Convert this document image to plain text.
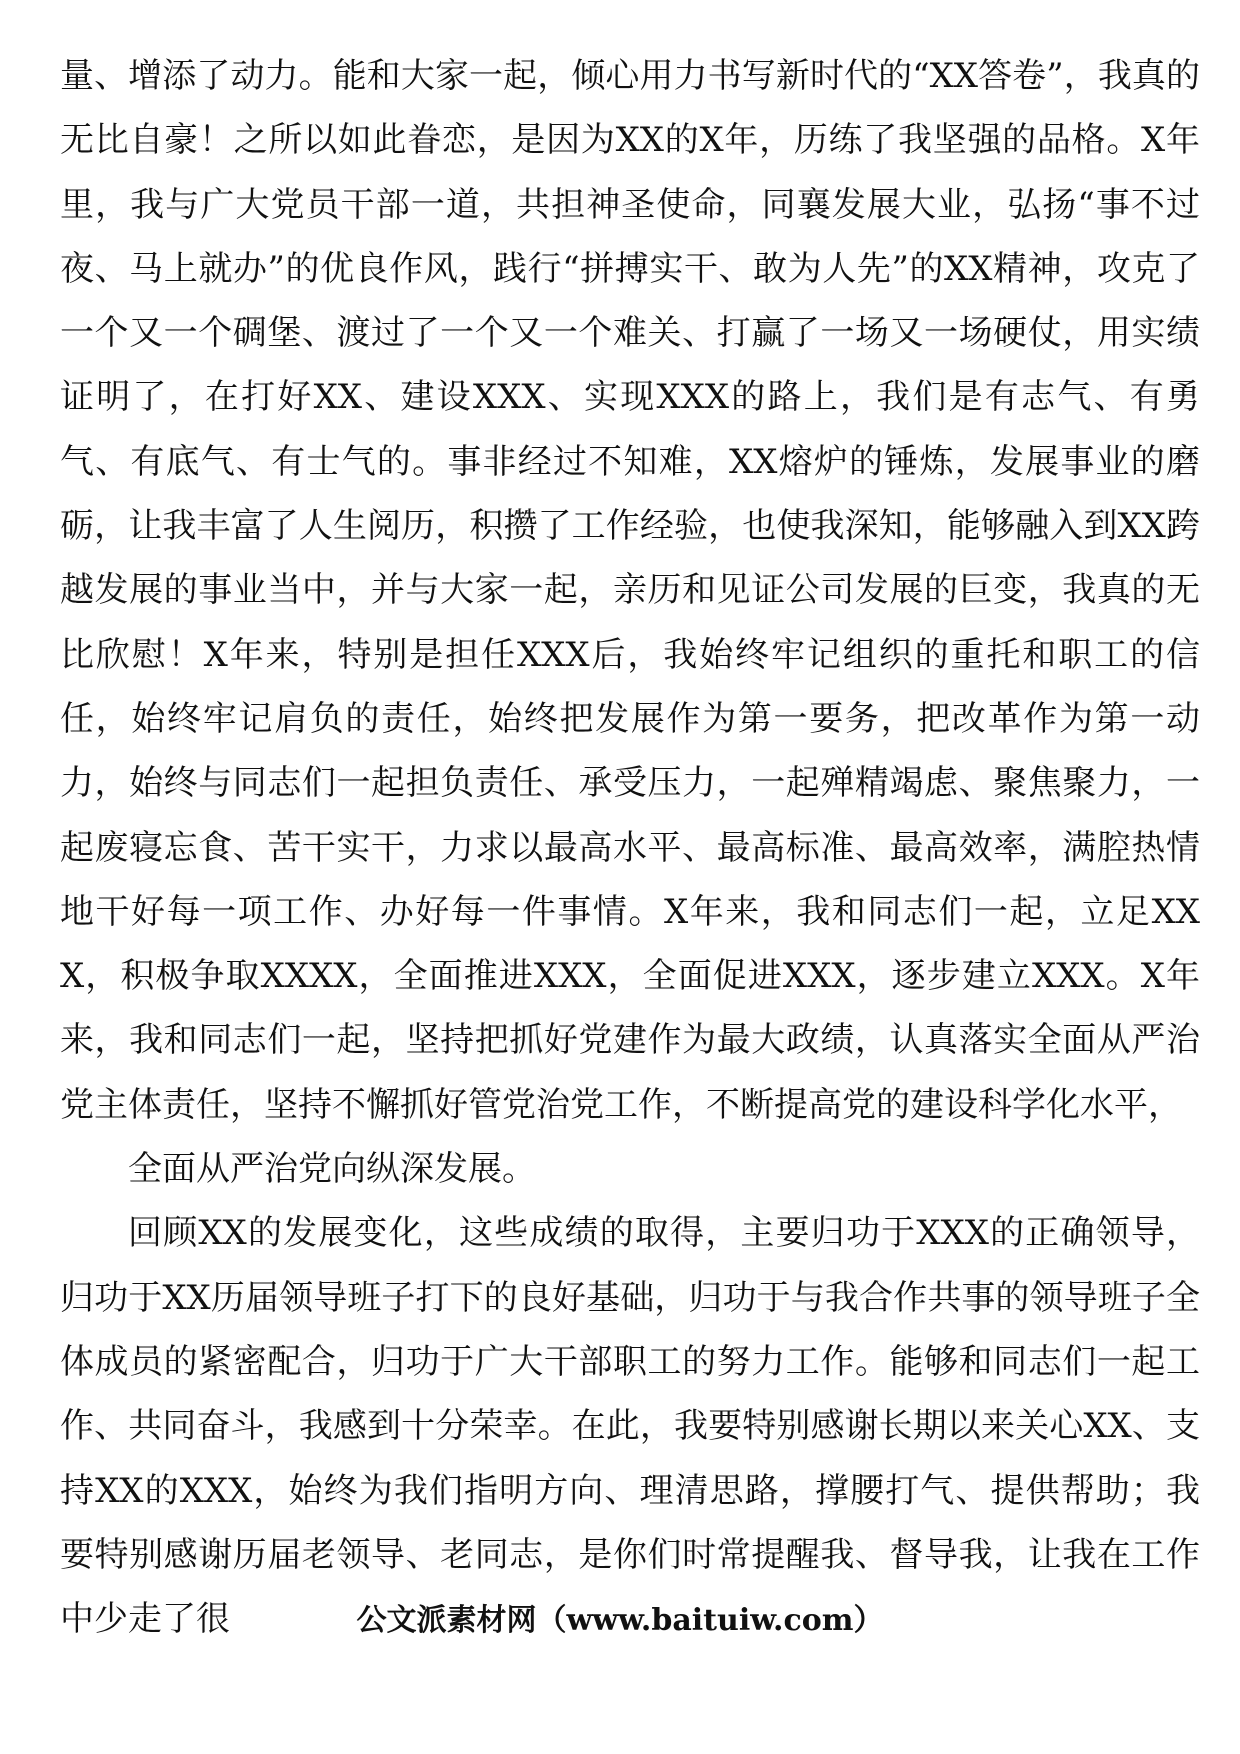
量、增添了动力。能和大家一起，倾心用力书写新时代的“XX答卷”，我真的无比自豪！之所以如此眷恋，是因为XX的X年，历练了我坚强的品格。X年里，我与广大党员干部一道，共担神圣使命，同襄发展大业，弘扬“事不过夜、马上就办”的优良作风，践行“拼搏实干、敢为人先”的XX精神，攻克了一个又一个碉堡、渡过了一个又一个难关、打赢了一场又一场硬仗，用实绩证明了，在打好XX、建设XXX、实现XXX的路上，我们是有志气、有勇气、有底气、有士气的。事非经过不知难，XX熔炉的锤炼，发展事业的磨砺，让我丰富了人生阅历，积攒了工作经验，也使我深知，能够融入到XX跨越发展的事业当中，并与大家一起，亲历和见证公司发展的巨变，我真的无比欣慰！X年来，特别是担任XXX后，我始终牢记组织的重托和职工的信任，始终牢记肩负的责任，始终把发展作为第一要务，把改革作为第一动力，始终与同志们一起担负责任、承受压力，一起殚精竭虑、聚焦聚力，一起废寝忘食、苦干实干，力求以最高水平、最高标准、最高效率，满腔热情地干好每一项工作、办好每一件事情。X年来，我和同志们一起，立足XXX，积极争取XXXX，全面推进XXX，全面促进XXX，逐步建立XXX。X年来，我和同志们一起，坚持把抓好党建作为最大政绩，认真落实全面从严治党主体责任，坚持不懈抓好管党治党工作，不断提高党的建设科学化水平，

全面从严治党向纵深发展。

回顾XX的发展变化，这些成绩的取得，主要归功于XXX的正确领导，归功于XX历届领导班子打下的良好基础，归功于与我合作共事的领导班子全体成员的紧密配合，归功于广大干部职工的努力工作。能够和同志们一起工作、共同奋斗，我感到十分荣幸。在此，我要特别感谢长期以来关心XX、支持XX的XXX，始终为我们指明方向、理清思路，撑腰打气、提供帮助；我要特别感谢历届老领导、老同志，是你们时常提醒我、督导我，让我在工作中少走了很	公文派素材网（www.baituiw.com）
